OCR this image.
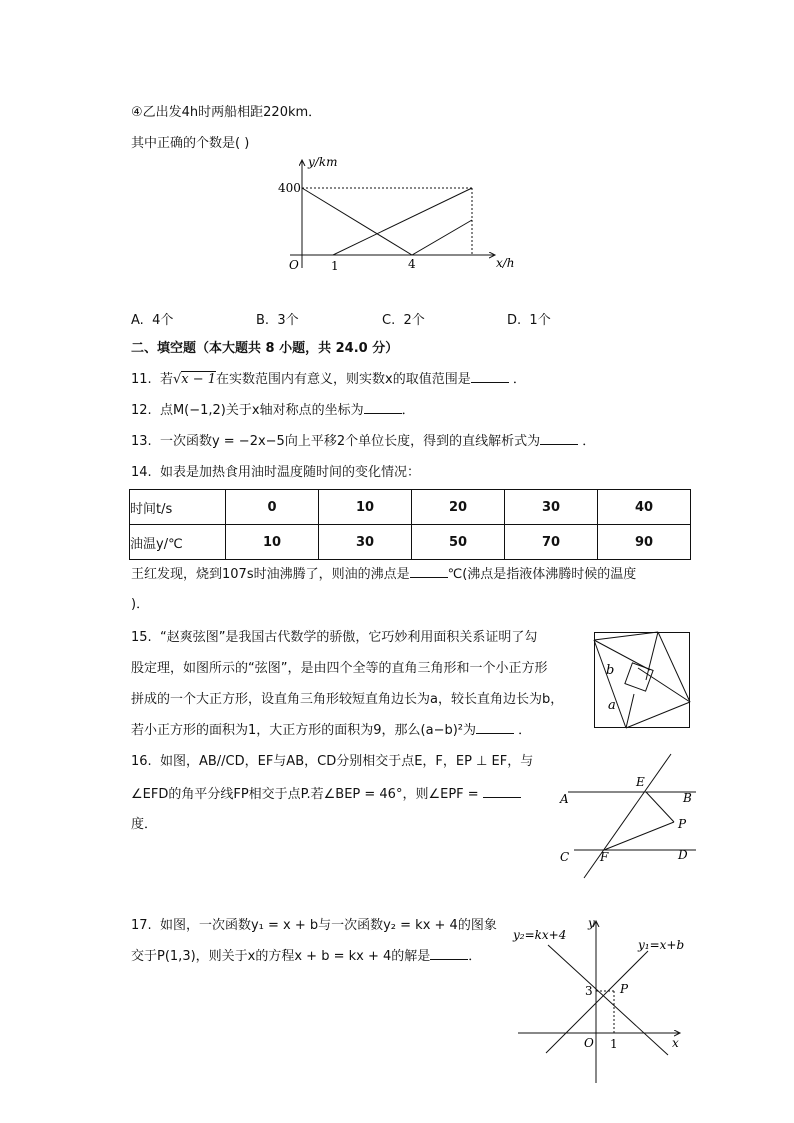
④乙出发4h时两船相距220km．
其中正确的个数是( )
y/km
x/h
O
400
1	4
A. 4个	B. 3个	C. 2个	D. 1个
二、填空题（本大题共 8 小题，共 24.0 分）
11. 若√x − 1在实数范围内有意义，则实数x的取值范围是	．
12. 点M(−1,2)关于x轴对称点的坐标为	．
13. 一次函数y = −2x−5向上平移2个单位长度，得到的直线解析式为	．
14. 如表是加热食用油时温度随时间的变化情况：
时间t/s	0	10	20	30	40
油温y/℃	10	30	50	70	90
王红发现，烧到107s时油沸腾了，则油的沸点是	℃(沸点是指液体沸腾时候的温度
)．
15. “赵爽弦图”是我国古代数学的骄傲，它巧妙利用面积关系证明了勾
股定理，如图所示的“弦图”，是由四个全等的直角三角形和一个小正方形
拼成的一个大正方形，设直角三角形较短直角边长为a，较长直角边长为b，
若小正方形的面积为1，大正方形的面积为9，那么(a−b)²为	．
b
a
16. 如图，AB//CD，EF与AB，CD分别相交于点E，F，EP ⊥ EF，与
∠EFD的角平分线FP相交于点P.若∠BEP = 46°，则∠EPF =
度．
A	B
E
P
C	F	D
17. 如图，一次函数y₁ = x + b与一次函数y₂ = kx + 4的图象
交于P(1,3)，则关于x的方程x + b = kx + 4的解是	．
y₂=kx+4
y₁=x+b
y
x
O
P
3
1
